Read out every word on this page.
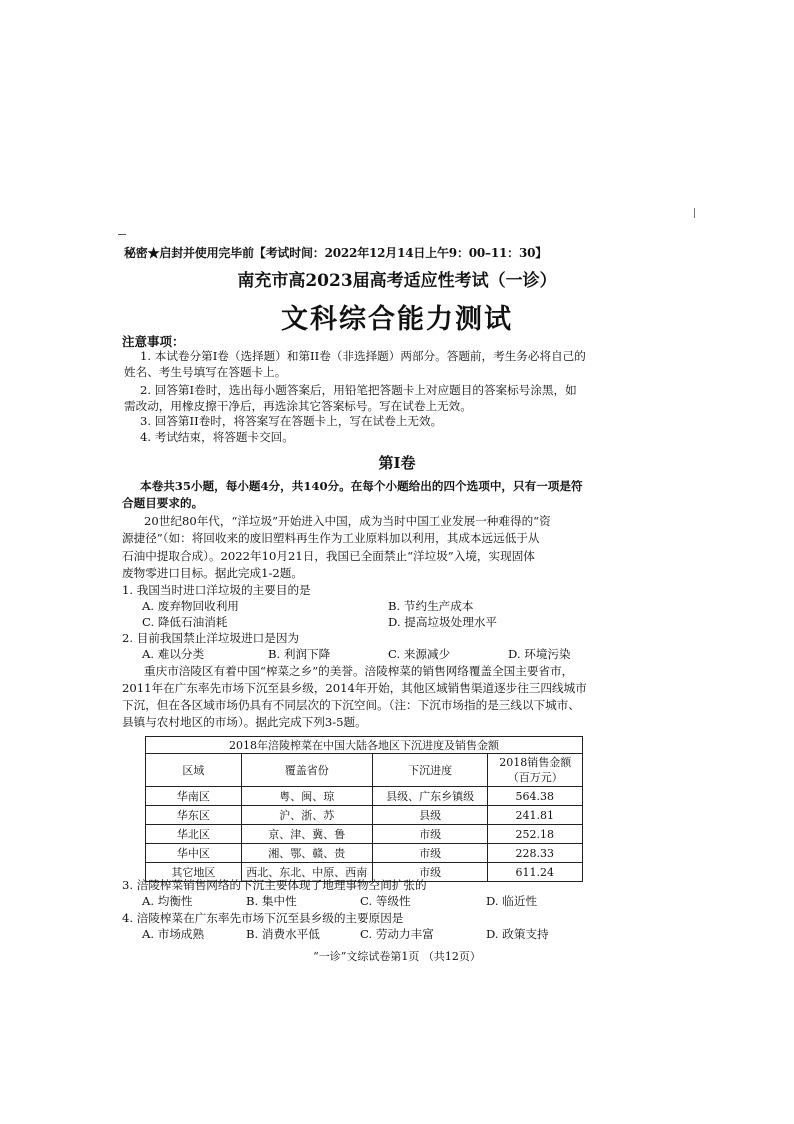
秘密★启封并使用完毕前【考试时间：2022年12月14日上午9：00–11：30】
南充市高2023届高考适应性考试（一诊）
文科综合能力测试
注意事项：
1. 本试卷分第I卷（选择题）和第II卷（非选择题）两部分。答题前，考生务必将自己的
姓名、考生号填写在答题卡上。
2. 回答第I卷时，选出每小题答案后，用铅笔把答题卡上对应题目的答案标号涂黑，如
需改动，用橡皮擦干净后，再选涂其它答案标号。写在试卷上无效。
3. 回答第II卷时，将答案写在答题卡上，写在试卷上无效。
4. 考试结束，将答题卡交回。
第I卷
本卷共35小题，每小题4分，共140分。在每个小题给出的四个选项中，只有一项是符
合题目要求的。
20世纪80年代，“洋垃圾”开始进入中国，成为当时中国工业发展一种难得的“资
源捷径”（如：将回收来的废旧塑料再生作为工业原料加以利用，其成本远远低于从
石油中提取合成）。2022年10月21日，我国已全面禁止“洋垃圾”入境，实现固体
废物零进口目标。据此完成1-2题。
1. 我国当时进口洋垃圾的主要目的是
A. 废弃物回收利用	B. 节约生产成本
C. 降低石油消耗	D. 提高垃圾处理水平
2. 目前我国禁止洋垃圾进口是因为
A. 难以分类	B. 利润下降	C. 来源减少	D. 环境污染
重庆市涪陵区有着中国“榨菜之乡”的美誉。涪陵榨菜的销售网络覆盖全国主要省市，
2011年在广东率先市场下沉至县乡级，2014年开始，其他区域销售渠道逐步往三四线城市
下沉，但在各区域市场仍具有不同层次的下沉空间。（注：下沉市场指的是三线以下城市、
县镇与农村地区的市场）。据此完成下列3-5题。
2018年涪陵榨菜在中国大陆各地区下沉进度及销售金额			
区域	覆盖省份	下沉进度	2018销售金额
（百万元）

华南区	粤、闽、琼	县级、广东乡镇级	564.38
华东区	沪、浙、苏	县级	241.81
华北区	京、津、冀、鲁	市级	252.18
华中区	湘、鄂、赣、贵	市级	228.33
其它地区	西北、东北、中原、西南	市级	611.24
3. 涪陵榨菜销售网络的下沉主要体现了地理事物空间扩张的
A. 均衡性	B. 集中性	C. 等级性	D. 临近性
4. 涪陵榨菜在广东率先市场下沉至县乡级的主要原因是
A. 市场成熟	B. 消费水平低	C. 劳动力丰富	D. 政策支持
“一诊”文综试卷第1页 （共12页）
